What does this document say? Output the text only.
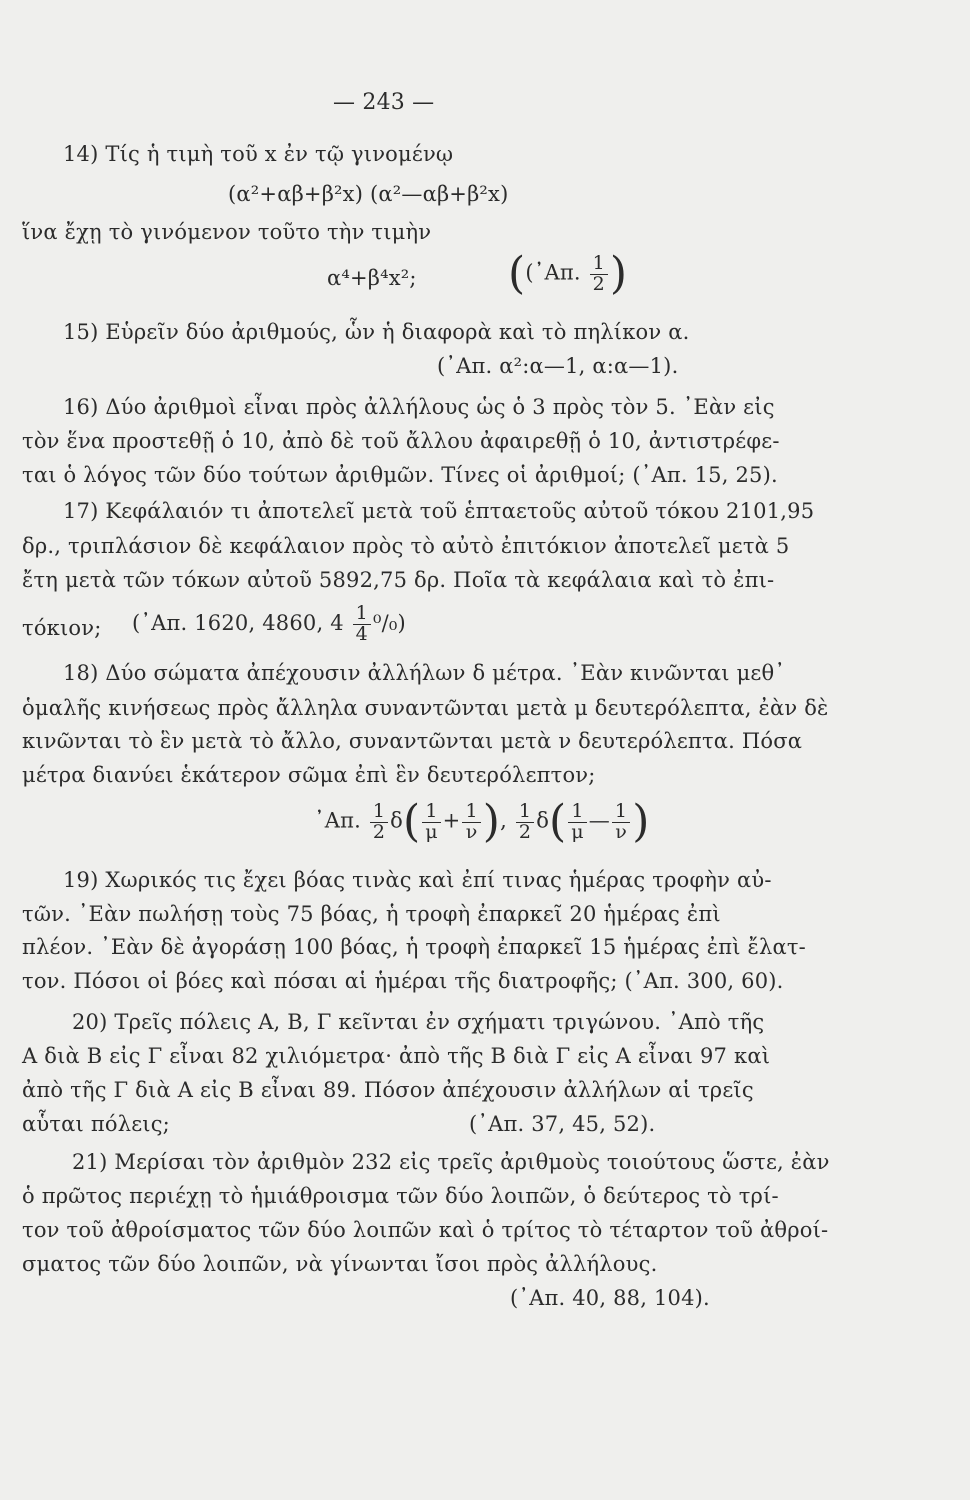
— 243 —
14) Τίς ἡ τιμὴ τοῦ x ἐν τῷ γινομένῳ
(α²+αβ+β²x) (α²—αβ+β²x)
ἵνα ἔχῃ τὸ γινόμενον τοῦτο τὴν τιμὴν
α⁴+β⁴x²; ((᾿Απ. $\frac{1}{2}$ )
15) Εὑρεῖν δύο ἀριθμούς, ὧν ἡ διαφορὰ καὶ τὸ πηλίκον α.
(᾿Απ. α²:α—1, α:α—1).
16) Δύο ἀριθμοὶ εἶναι πρὸς ἀλλήλους ὡς ὁ 3 πρὸς τὸν 5. ᾿Εὰν εἰς
τὸν ἕνα προστεθῇ ὁ 10, ἀπὸ δὲ τοῦ ἄλλου ἀφαιρεθῇ ὁ 10, ἀντιστρέφε-
ται ὁ λόγος τῶν δύο τούτων ἀριθμῶν. Τίνες οἱ ἀριθμοί; (᾿Απ. 15, 25).
17) Κεφάλαιόν τι ἀποτελεῖ μετὰ τοῦ ἑπταετοῦς αὐτοῦ τόκου 2101,95
δρ., τριπλάσιον δὲ κεφάλαιον πρὸς τὸ αὐτὸ ἐπιτόκιον ἀποτελεῖ μετὰ 5
ἔτη μετὰ τῶν τόκων αὐτοῦ 5892,75 δρ. Ποῖα τὰ κεφάλαια καὶ τὸ ἐπι-
τόκιον; (᾿Απ. 1620, 4860, $4 \frac{1}{4} ^0/_0$)
18) Δύο σώματα ἀπέχουσιν ἀλλήλων δ μέτρα. ᾿Εὰν κινῶνται μεθ᾿
ὁμαλῆς κινήσεως πρὸς ἄλληλα συναντῶνται μετὰ μ δευτερόλεπτα, ἐὰν δὲ
κινῶνται τὸ ἓν μετὰ τὸ ἄλλο, συναντῶνται μετὰ ν δευτερόλεπτα. Πόσα
μέτρα διανύει ἑκάτερον σῶμα ἐπὶ ἓν δευτερόλεπτον;
᾿Απ. $\frac{1}{2} \delta( \frac{1}{\mu} + \frac{1}{\nu}$ ), $\frac{1}{2} \delta( \frac{1}{\mu}$ — $\frac{1}{\nu}$ )
19) Χωρικός τις ἔχει βόας τινὰς καὶ ἐπί τινας ἡμέρας τροφὴν αὐ-
τῶν. ᾿Εὰν πωλήσῃ τοὺς 75 βόας, ἡ τροφὴ ἐπαρκεῖ 20 ἡμέρας ἐπὶ
πλέον. ᾿Εὰν δὲ ἀγοράσῃ 100 βόας, ἡ τροφὴ ἐπαρκεῖ 15 ἡμέρας ἐπὶ ἔλατ-
τον. Πόσοι οἱ βόες καὶ πόσαι αἱ ἡμέραι τῆς διατροφῆς; (᾿Απ. 300, 60).
20) Τρεῖς πόλεις Α, Β, Γ κεῖνται ἐν σχήματι τριγώνου. ᾿Απὸ τῆς
Α διὰ Β εἰς Γ εἶναι 82 χιλιόμετρα· ἀπὸ τῆς Β διὰ Γ εἰς Α εἶναι 97 καὶ
ἀπὸ τῆς Γ διὰ Α εἰς Β εἶναι 89. Πόσον ἀπέχουσιν ἀλλήλων αἱ τρεῖς
αὗται πόλεις;	(᾿Απ. 37, 45, 52).
21) Μερίσαι τὸν ἀριθμὸν 232 εἰς τρεῖς ἀριθμοὺς τοιούτους ὥστε, ἐὰν
ὁ πρῶτος περιέχῃ τὸ ἡμιάθροισμα τῶν δύο λοιπῶν, ὁ δεύτερος τὸ τρί-
τον τοῦ ἀθροίσματος τῶν δύο λοιπῶν καὶ ὁ τρίτος τὸ τέταρτον τοῦ ἀθροί-
σματος τῶν δύο λοιπῶν, νὰ γίνωνται ἴσοι πρὸς ἀλλήλους.
(᾿Απ. 40, 88, 104).
